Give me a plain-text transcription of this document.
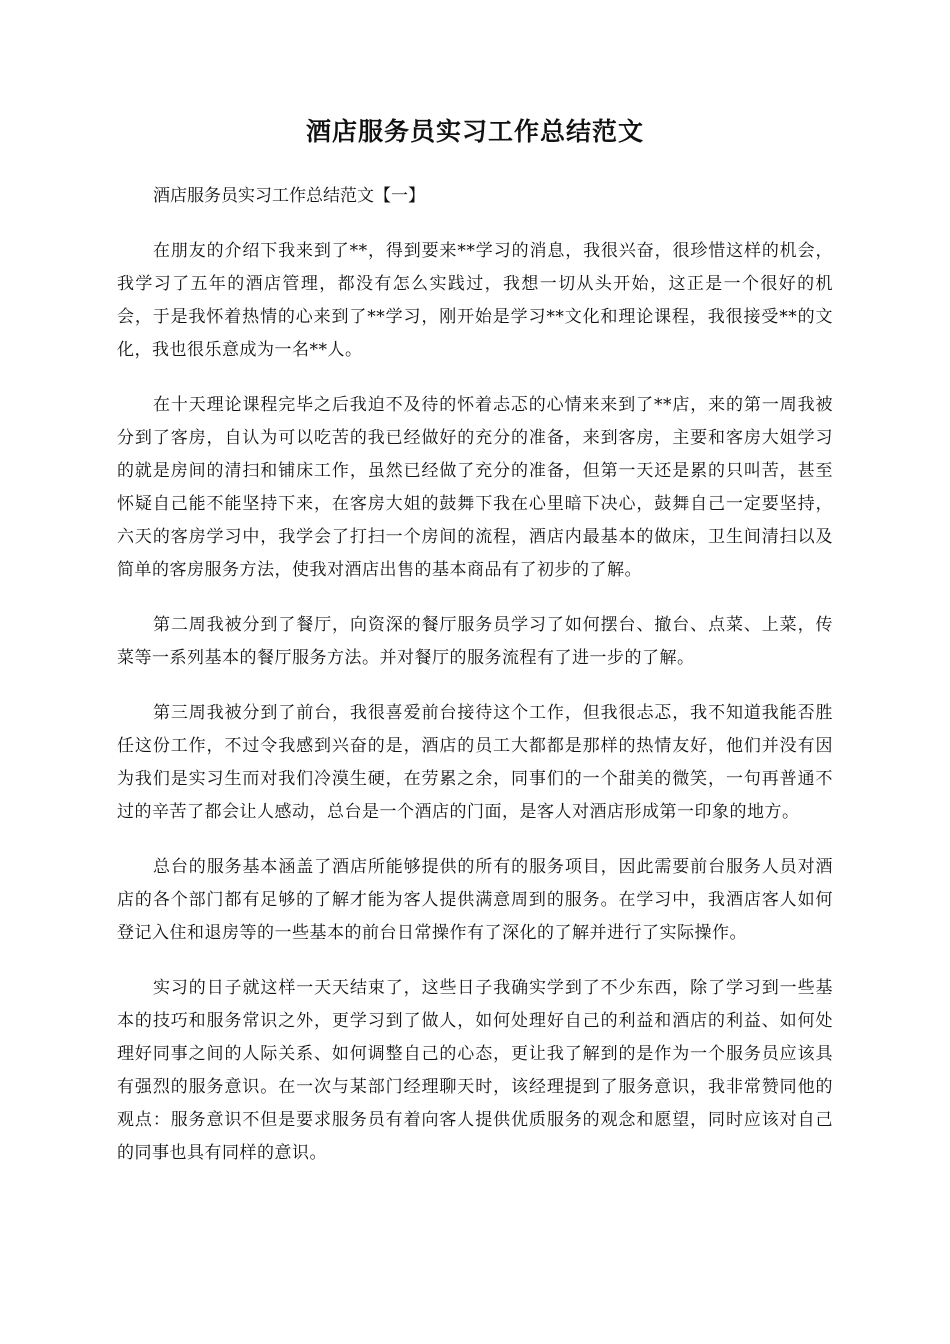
酒店服务员实习工作总结范文

酒店服务员实习工作总结范文【一】

在朋友的介绍下我来到了**，得到要来**学习的消息，我很兴奋，很珍惜这样的机会，我学习了五年的酒店管理，都没有怎么实践过，我想一切从头开始，这正是一个很好的机会，于是我怀着热情的心来到了**学习，刚开始是学习**文化和理论课程，我很接受**的文化，我也很乐意成为一名**人。

在十天理论课程完毕之后我迫不及待的怀着忐忑的心情来来到了**店，来的第一周我被分到了客房，自认为可以吃苦的我已经做好的充分的准备，来到客房，主要和客房大姐学习的就是房间的清扫和铺床工作，虽然已经做了充分的准备，但第一天还是累的只叫苦，甚至怀疑自己能不能坚持下来，在客房大姐的鼓舞下我在心里暗下决心，鼓舞自己一定要坚持，六天的客房学习中，我学会了打扫一个房间的流程，酒店内最基本的做床，卫生间清扫以及简单的客房服务方法，使我对酒店出售的基本商品有了初步的了解。

第二周我被分到了餐厅，向资深的餐厅服务员学习了如何摆台、撤台、点菜、上菜，传菜等一系列基本的餐厅服务方法。并对餐厅的服务流程有了进一步的了解。

第三周我被分到了前台，我很喜爱前台接待这个工作，但我很忐忑，我不知道我能否胜任这份工作，不过令我感到兴奋的是，酒店的员工大都都是那样的热情友好，他们并没有因为我们是实习生而对我们冷漠生硬，在劳累之余，同事们的一个甜美的微笑，一句再普通不过的辛苦了都会让人感动，总台是一个酒店的门面，是客人对酒店形成第一印象的地方。

总台的服务基本涵盖了酒店所能够提供的所有的服务项目，因此需要前台服务人员对酒店的各个部门都有足够的了解才能为客人提供满意周到的服务。在学习中，我酒店客人如何登记入住和退房等的一些基本的前台日常操作有了深化的了解并进行了实际操作。

实习的日子就这样一天天结束了，这些日子我确实学到了不少东西，除了学习到一些基本的技巧和服务常识之外，更学习到了做人，如何处理好自己的利益和酒店的利益、如何处理好同事之间的人际关系、如何调整自己的心态，更让我了解到的是作为一个服务员应该具有强烈的服务意识。在一次与某部门经理聊天时，该经理提到了服务意识，我非常赞同他的观点：服务意识不但是要求服务员有着向客人提供优质服务的观念和愿望，同时应该对自己的同事也具有同样的意识。
